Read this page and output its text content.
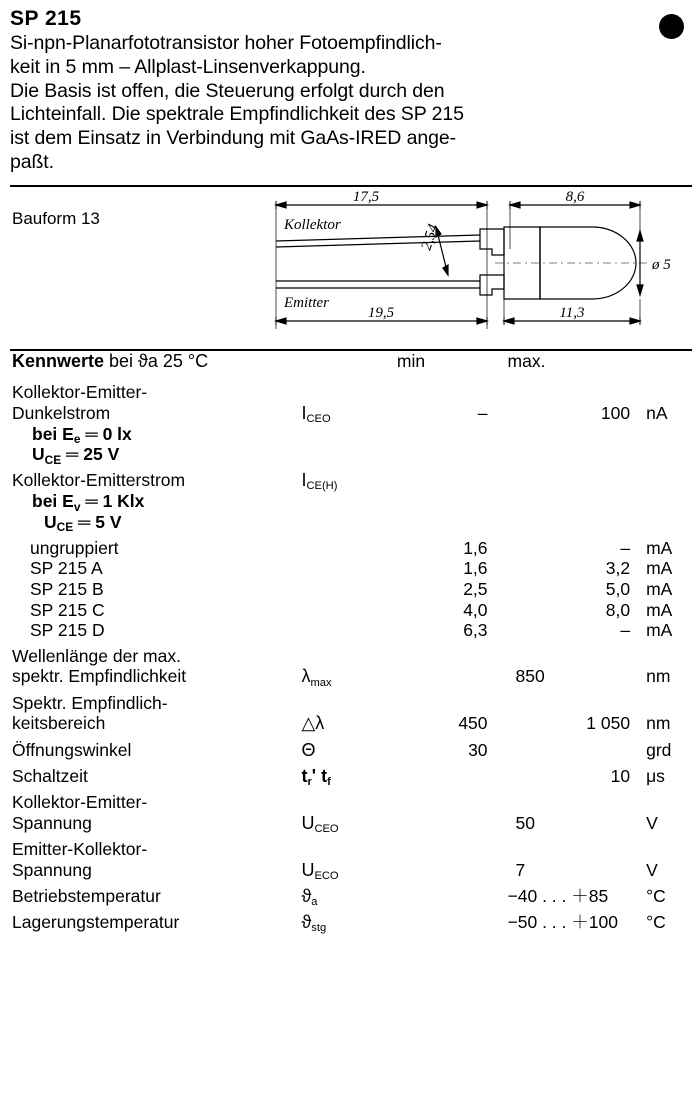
SP 215

Si-npn-Planarfototransistor hoher Fotoempfindlich-

keit in 5 mm – Allplast-Linsenverkappung.

Die Basis ist offen, die Steuerung erfolgt durch den

Lichteinfall. Die spektrale Empfindlichkeit des SP 215

ist dem Einsatz in Verbindung mit GaAs-IRED ange-

paßt.

Bauform 13
17,5	8,6
2,54
19,5	11,3
ø 5
Kollektor
Emitter
Kennwerte bei ϑa 25 °C		min	max.	
Kollektor-Emitter-				
Dunkelstrom	$I_{CEO}$	–	100	nA
bei $E_e$ ═ 0 lx				
$U_{CE}$ ═ 25 V				

Kollektor-Emitterstrom	$I_{CE(H)}$			
bei $E_v$ ═ 1 Klx				
$U_{CE}$ ═ 5 V				

ungruppiert		1,6	–	mA
SP 215 A		1,6	3,2	mA
SP 215 B		2,5	5,0	mA
SP 215 C		4,0	8,0	mA
SP 215 D		6,3	–	mA

Wellenlänge der max.				
spektr. Empfindlichkeit	$\lambda_{max}$		850	nm

Spektr. Empfindlich-				
keitsbereich	△λ	450	1 050	nm

Öffnungswinkel	Θ	30		grd

Schaltzeit	$t_r'$ $t_f$		10	μs

Kollektor-Emitter-				
Spannung	$U_{CEO}$		50	V

Emitter-Kollektor-				
Spannung	$U_{ECO}$		7	V

Betriebstemperatur	$ϑ_a$		−40 . . . ＋85	°C

Lagerungstemperatur	$ϑ_{stg}$		−50 . . . ＋100	°C
